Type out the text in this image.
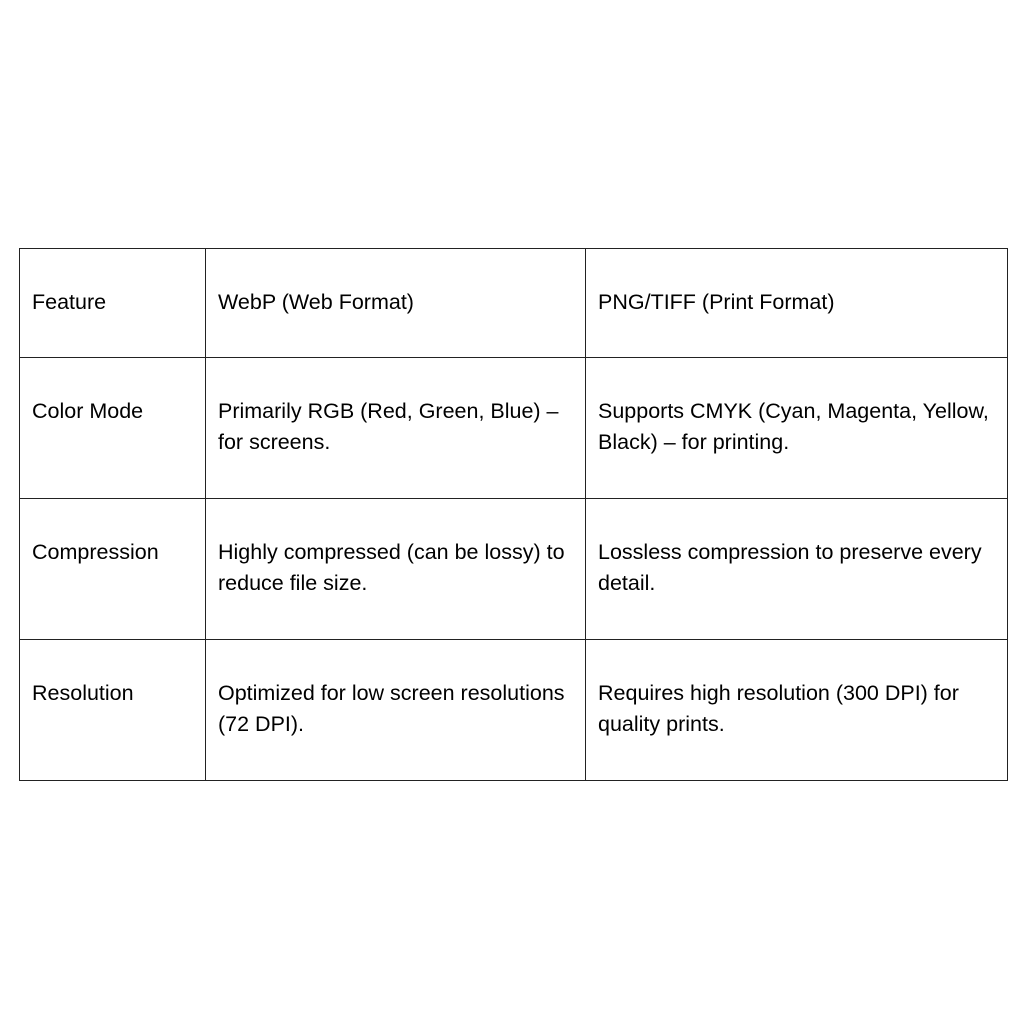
Feature	WebP (Web Format)	PNG/TIFF (Print Format)
Color Mode	Primarily RGB (Red, Green, Blue) – for screens.	Supports CMYK (Cyan, Magenta, Yellow, Black) – for printing.
Compression	Highly compressed (can be lossy) to reduce file size.	Lossless compression to preserve every detail.
Resolution	Optimized for low screen resolutions (72 DPI).	Requires high resolution (300 DPI) for quality prints.
